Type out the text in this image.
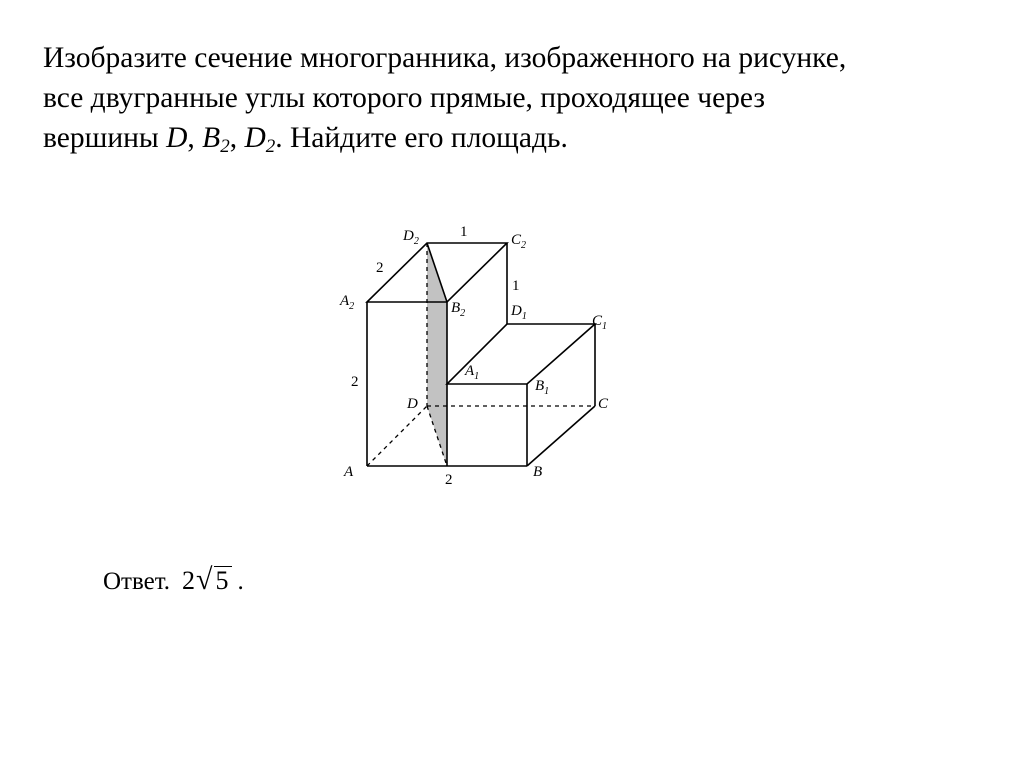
Изобразите сечение многогранника, изображенного на рисунке,
все двугранные углы которого прямые, проходящее через
вершины D, $B_2$, $D_2$. Найдите его площадь.
$D_2$	$C_2$
$A_2$	$B_2$	$D_1$	$C_1$
$A_1$
$B_1$
D	C
A	B
1
2
1
2
2
Ответ. 2 √ 5 .
